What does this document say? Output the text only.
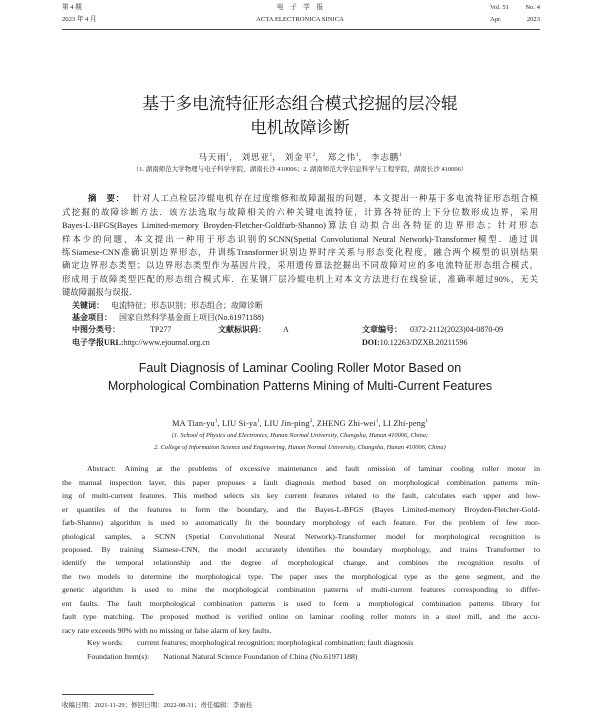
第 4 期
2023 年 4 月
电　子　学　报
ACTA ELECTRONICA SINICA
Vol. 51 No. 4
Apr.	2023
基于多电流特征形态组合模式挖掘的层冷辊
电机故障诊断
马天雨$^1$， 刘思亚$^1$， 刘金平$^2$， 郑之伟$^1$， 李志鹏$^1$
（1. 湖南师范大学物理与电子科学学院，湖南长沙 410006；2. 湖南师范大学信息科学与工程学院，湖南长沙 410006）
摘　要： 针对人工点检层冷辊电机存在过度维修和故障漏报的问题，本文提出一种基于多电流特征形态组合模
式挖掘的故障诊断方法．该方法选取与故障相关的六种关键电流特征，计算各特征的上下分位数形成边界，采用
Bayes-L-BFGS(Bayes Limited-memory Broyden-Fletcher-Goldfarb-Shanno)算法自动拟合出各特征的边界形态；针对形态
样本少的问题，本文提出一种用于形态识别的SCNN(Spetial Convolutional Neural Network)-Transformer模型．通过训
练Siamese-CNN准确识别边界形态，并训练Transformer识别边界时序关系与形态变化程度，融合两个模型的识别结果
确定边界形态类型；以边界形态类型作为基因片段，采用遗传算法挖掘出不同故障对应的多电流特征形态组合模式，
形成用于故障类型匹配的形态组合模式库．在某钢厂层冷辊电机上对本文方法进行在线验证，准确率超过90%，无关
键故障漏报与误报．
关键词： 电流特征；形态识别；形态组合；故障诊断
基金项目： 国家自然科学基金面上项目(No.61971188)
中图分类号：	TP277	文献标识码： A	文章编号： 0372-2112(2023)04-0870-09
电子学报URL:http://www.ejournal.org.cn	DOI:10.12263/DZXB.20211596
Fault Diagnosis of Laminar Cooling Roller Motor Based on
Morphological Combination Patterns Mining of Multi-Current Features
MA Tian-$yu^1$, LIU $Si-ya^1$, LIU Jin-ping$^2$, ZHENG Zhi-wei$^1$, LI Zhi-peng$^1$
(1. School of Physics and Electronics, Hunan Normal University, Changsha, Hunan 410006, China;
2. College of Information Science and Engineering, Hunan Normal University, Changsha, Hunan 410006, China)
Abstract: Aiming at the problems of excessive maintenance and fault omission of laminar cooling roller motor in
the manual inspection layer, this paper proposes a fault diagnosis method based on morphological combination patterns min-
ing of multi-current features. This method selects six key current features related to the fault, calculates each upper and low-
er quantiles of the features to form the boundary, and the Bayes-L-BFGS (Bayes Limited-memory Broyden-Fletcher-Gold-
farb-Shanno) algorithm is used to automatically fit the boundary morphology of each feature. For the problem of few mor-
phological samples, a SCNN (Spetial Convolutional Neural Network)-Transformer model for morphological recognition is
proposed. By training Siamese-CNN, the model accurately identifies the boundary morphology, and trains Transformer to
identify the temporal relationship and the degree of morphological change, and combines the recognition results of
the two models to determine the morphological type. The paper uses the morphological type as the gene segment, and the
genetic algorithm is used to mine the morphological combination patterns of multi-current features corresponding to differ-
ent faults. The fault morphological combination patterns is used to form a morphological combination patterns library for
fault type matching. The proposed method is verified online on laminar cooling roller motors in a steel mill, and the accu-
racy rate exceeds 90% with no missing or false alarm of key faults.
Key words: current features; morphological recognition; morphological combination; fault diagnosis
Foundation Item(s): National Natural Science Foundation of China (No.61971188)
收稿日期：2021-11-29；修回日期：2022-08-31；责任编辑：李雨桂
